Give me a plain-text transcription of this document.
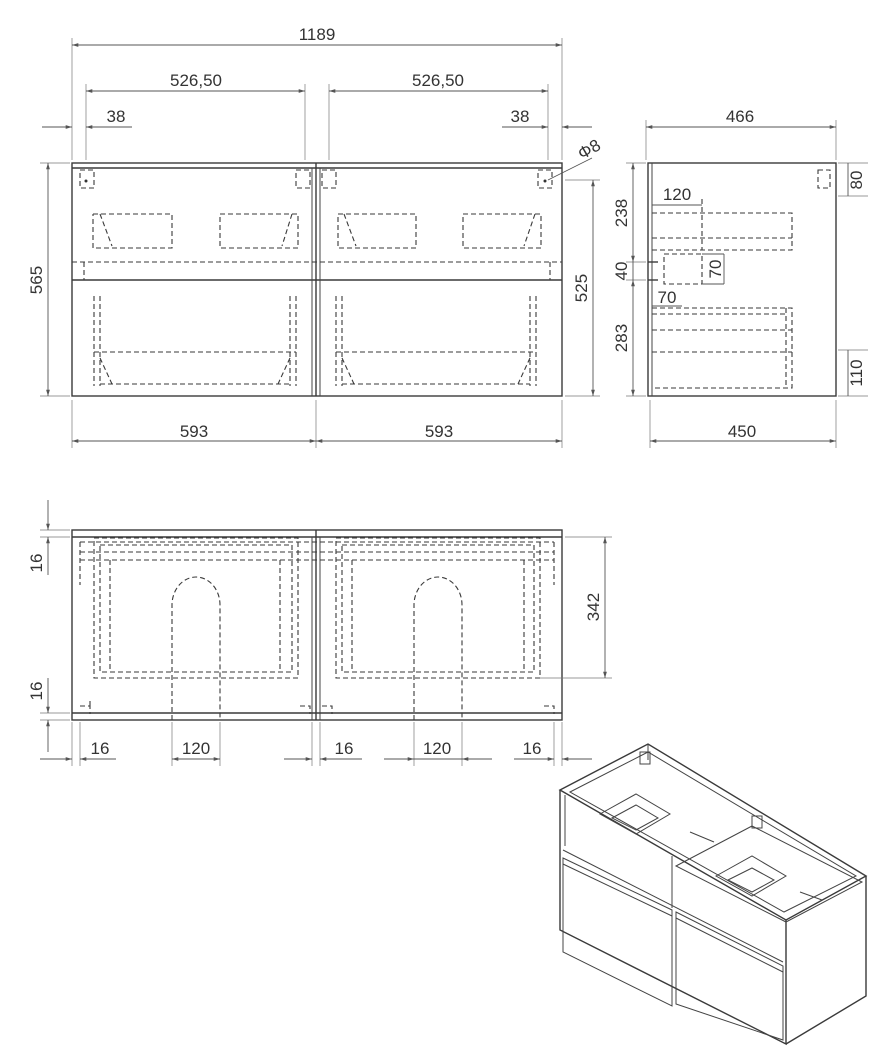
1189
526,50	526,50
38	38
Φ8
565	525
593	593
466
450
238
40
283
80
110
120
70
70
16
16
342
16	120	16	120	16
